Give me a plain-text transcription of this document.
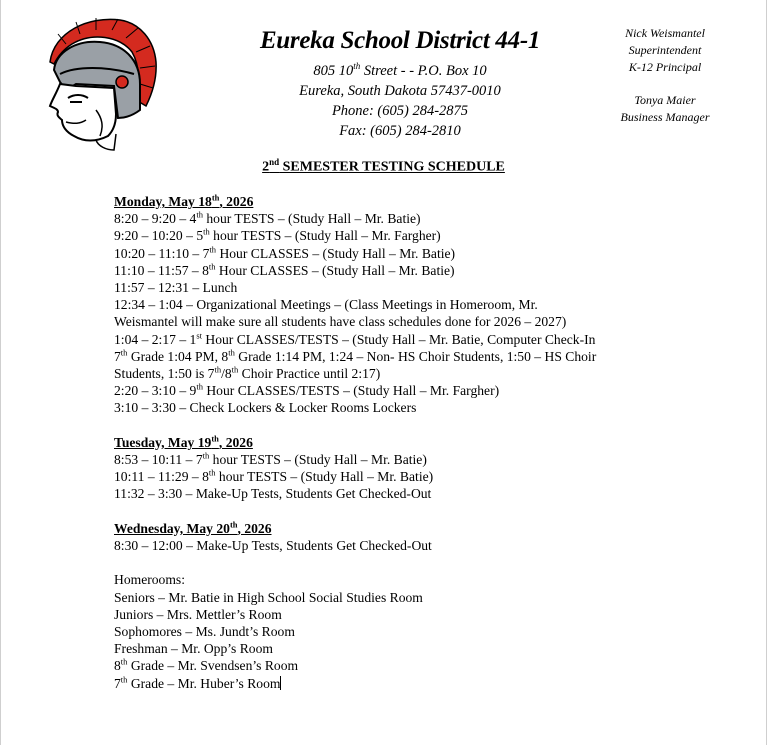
Eureka School District 44-1
805 10th Street - - P.O. Box 10
Eureka, South Dakota 57437-0010
Phone: (605) 284-2875
Fax: (605) 284-2810
Nick Weismantel
Superintendent
K-12 Principal
Tonya Maier
Business Manager
2nd SEMESTER TESTING SCHEDULE
Monday, May 18th, 2026
8:20 – 9:20 – 4th hour TESTS – (Study Hall – Mr. Batie)
9:20 – 10:20 – 5th hour TESTS – (Study Hall – Mr. Fargher)
10:20 – 11:10 – 7th Hour CLASSES – (Study Hall – Mr. Batie)
11:10 – 11:57 – 8th Hour CLASSES – (Study Hall – Mr. Batie)
11:57 – 12:31 – Lunch
12:34 – 1:04 – Organizational Meetings – (Class Meetings in Homeroom, Mr.
Weismantel will make sure all students have class schedules done for 2026 – 2027)
1:04 – 2:17 – 1st Hour CLASSES/TESTS – (Study Hall – Mr. Batie, Computer Check-In
7th Grade 1:04 PM, 8th Grade 1:14 PM, 1:24 – Non- HS Choir Students, 1:50 – HS Choir
Students, 1:50 is 7th/8th Choir Practice until 2:17)
2:20 – 3:10 – 9th Hour CLASSES/TESTS – (Study Hall – Mr. Fargher)
3:10 – 3:30 – Check Lockers & Locker Rooms Lockers
Tuesday, May 19th, 2026
8:53 – 10:11 – 7th hour TESTS – (Study Hall – Mr. Batie)
10:11 – 11:29 – 8th hour TESTS – (Study Hall – Mr. Batie)
11:32 – 3:30 – Make-Up Tests, Students Get Checked-Out
Wednesday, May 20th, 2026
8:30 – 12:00 – Make-Up Tests, Students Get Checked-Out
Homerooms:
Seniors – Mr. Batie in High School Social Studies Room
Juniors – Mrs. Mettler’s Room
Sophomores – Ms. Jundt’s Room
Freshman – Mr. Opp’s Room
8th Grade – Mr. Svendsen’s Room
7th Grade – Mr. Huber’s Room
